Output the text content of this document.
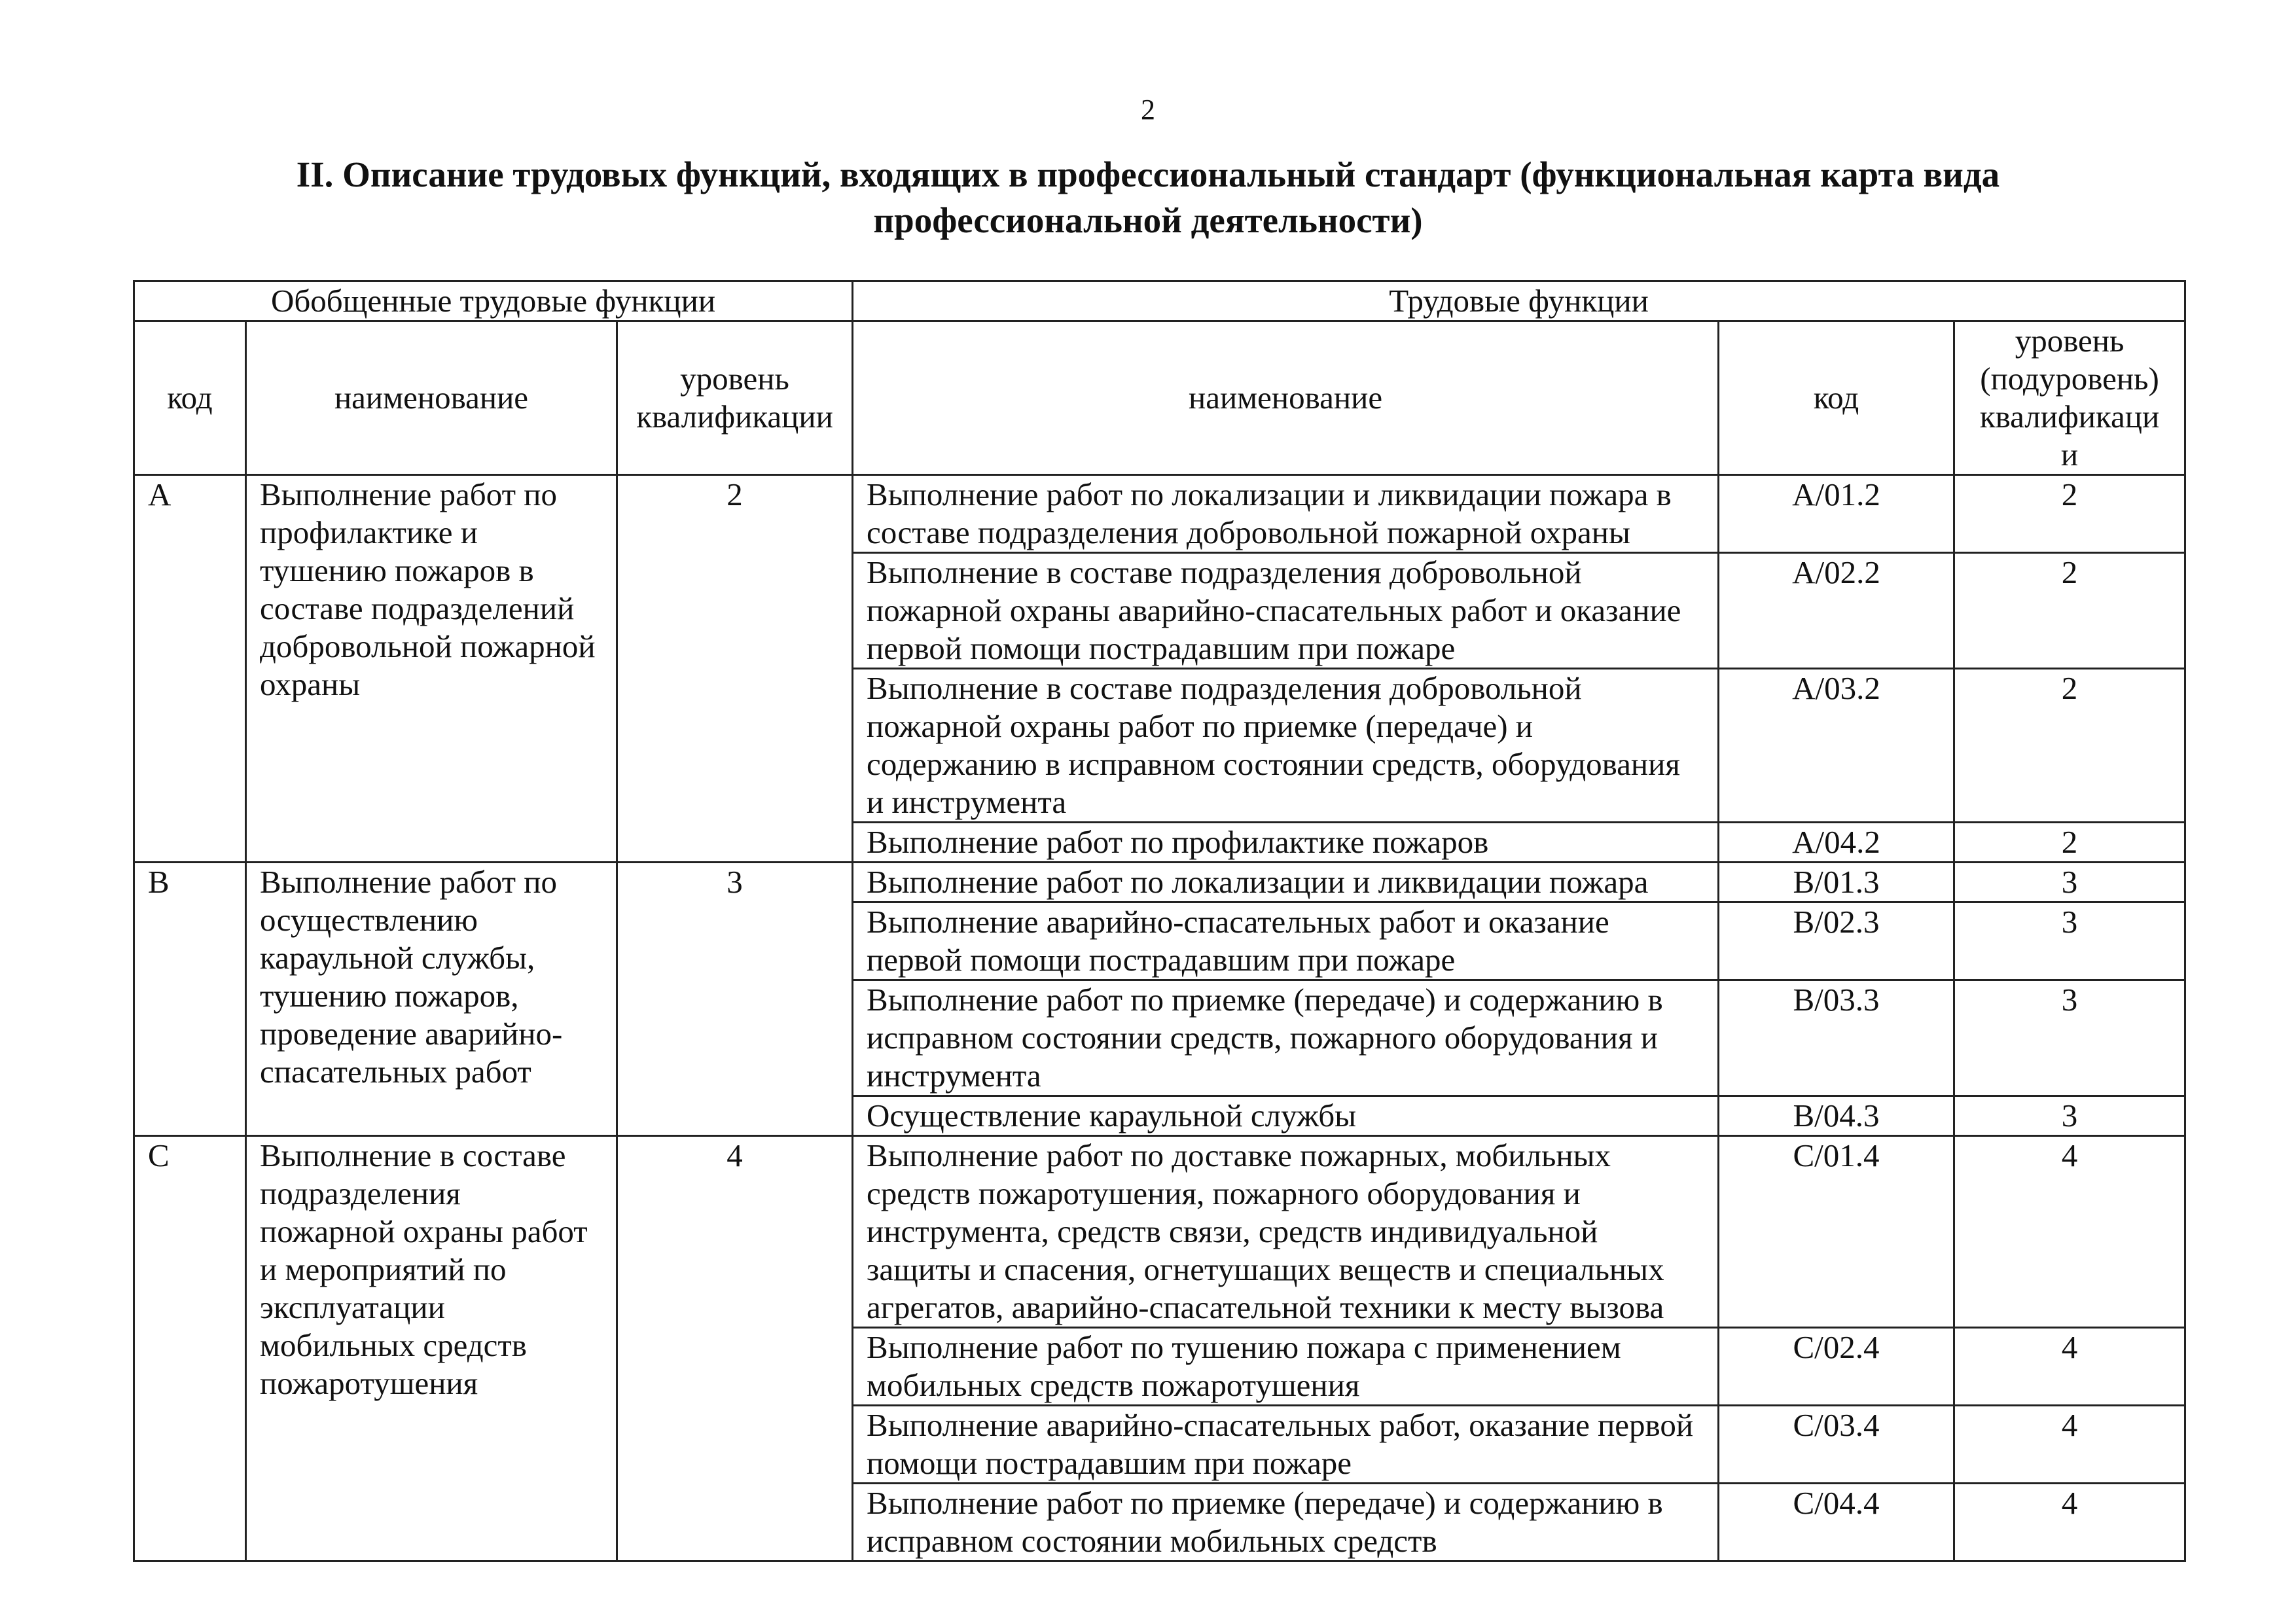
2
II. Описание трудовых функций, входящих в профессиональный стандарт (функциональная карта вида
профессиональной деятельности)
Обобщенные трудовые функции			Трудовые функции		
код	наименование	уровень квалификации	наименование	код	уровень (подуровень) квалификаци и
A	Выполнение работ по профилактике и тушению пожаров в составе подразделений добровольной пожарной охраны	2	Выполнение работ по локализации и ликвидации пожара в составе подразделения добровольной пожарной охраны	A/01.2	2
			Выполнение в составе подразделения добровольной пожарной охраны аварийно-спасательных работ и оказание первой помощи пострадавшим при пожаре	A/02.2	2
			Выполнение в составе подразделения добровольной пожарной охраны работ по приемке (передаче) и содержанию в исправном состоянии средств, оборудования и инструмента	A/03.2	2
			Выполнение работ по профилактике пожаров	A/04.2	2
B	Выполнение работ по осуществлению караульной службы, тушению пожаров, проведение аварийно-спасательных работ	3	Выполнение работ по локализации и ликвидации пожара	B/01.3	3
			Выполнение аварийно-спасательных работ и оказание первой помощи пострадавшим при пожаре	B/02.3	3
			Выполнение работ по приемке (передаче) и содержанию в исправном состоянии средств, пожарного оборудования и инструмента	B/03.3	3
			Осуществление караульной службы	B/04.3	3
C	Выполнение в составе подразделения пожарной охраны работ и мероприятий по эксплуатации мобильных средств пожаротушения	4	Выполнение работ по доставке пожарных, мобильных средств пожаротушения, пожарного оборудования и инструмента, средств связи, средств индивидуальной защиты и спасения, огнетушащих веществ и специальных агрегатов, аварийно-спасательной техники к месту вызова	C/01.4	4
			Выполнение работ по тушению пожара с применением мобильных средств пожаротушения	C/02.4	4
			Выполнение аварийно-спасательных работ, оказание первой помощи пострадавшим при пожаре	C/03.4	4
			Выполнение работ по приемке (передаче) и содержанию в исправном состоянии мобильных средств	C/04.4	4
